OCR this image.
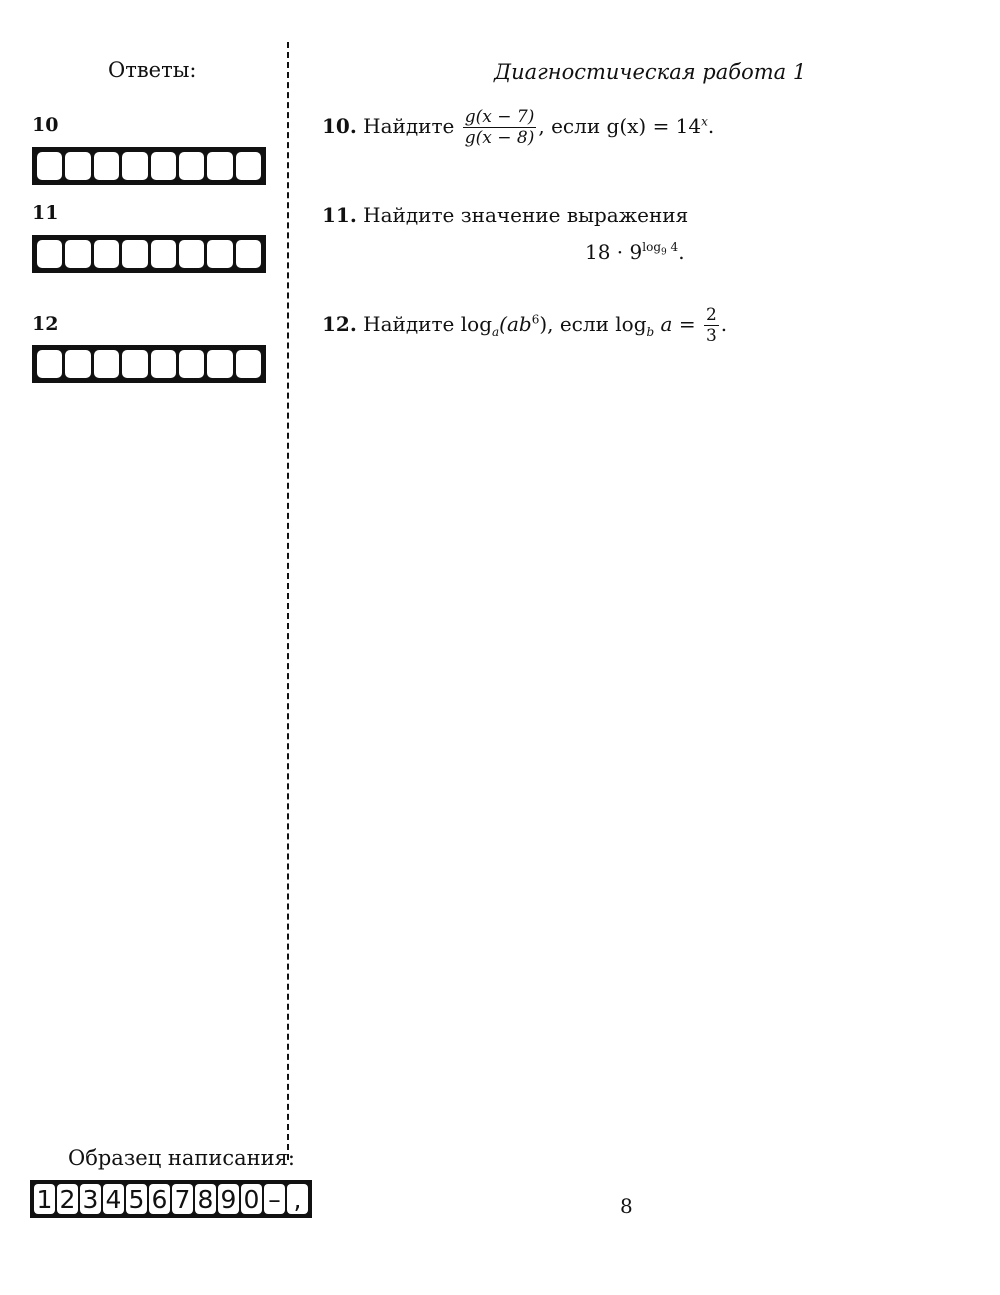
Ответы:
10
11
12
Диагностическая работа 1
10. Найдите $\frac{g(x - 7)}{g(x - 8)}$ , если $g(x) = 14^x$.
11. Найдите значение выражения
$18 \cdot 9^{log_9 4}$.
12. Найдите $\log_a(ab^6)$, если $\log_b a = \frac{2}{3}$ .
Образец написания:
1 2 3 4 5 6 7 8 9 0 – ,	8
